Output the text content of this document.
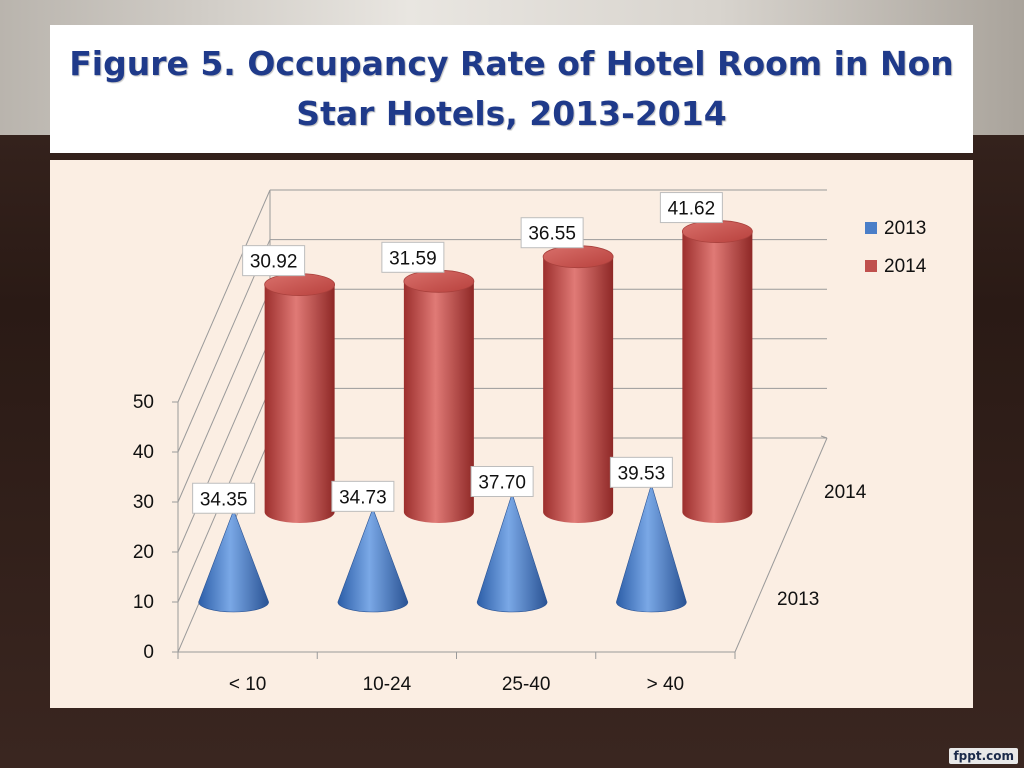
Figure 5. Occupancy Rate of Hotel Room in Non Star Hotels, 2013-2014
0
10
20
30
40
50
< 10	10-24	25-40	> 40
2014
2013
30.92	31.59
36.55
41.62
34.35	34.73
37.70	39.53
2013
2014
fppt.com
